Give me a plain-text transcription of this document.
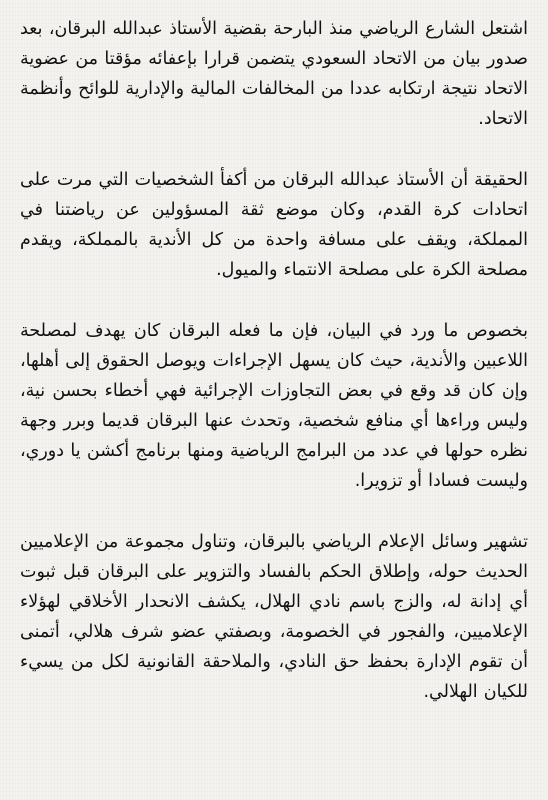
اشتعل الشارع الرياضي منذ البارحة بقضية الأستاذ عبدالله البرقان، بعد صدور بيان من الاتحاد السعودي يتضمن قرارا بإعفائه مؤقتا من عضوية الاتحاد نتيجة ارتكابه عددا من المخالفات المالية والإدارية للوائح وأنظمة الاتحاد.

الحقيقة أن الأستاذ عبدالله البرقان من أكفأ الشخصيات التي مرت على اتحادات كرة القدم، وكان موضع ثقة المسؤولين عن رياضتنا في المملكة، ويقف على مسافة واحدة من كل الأندية بالمملكة، ويقدم مصلحة الكرة على مصلحة الانتماء والميول.

بخصوص ما ورد في البيان، فإن ما فعله البرقان كان يهدف لمصلحة اللاعبين والأندية، حيث كان يسهل الإجراءات ويوصل الحقوق إلى أهلها، وإن كان قد وقع في بعض التجاوزات الإجرائية فهي أخطاء بحسن نية، وليس وراءها أي منافع شخصية، وتحدث عنها البرقان قديما وبرر وجهة نظره حولها في عدد من البرامج الرياضية ومنها برنامج أكشن يا دوري، وليست فسادا أو تزويرا.

تشهير وسائل الإعلام الرياضي بالبرقان، وتناول مجموعة من الإعلاميين الحديث حوله، وإطلاق الحكم بالفساد والتزوير على البرقان قبل ثبوت أي إدانة له، والزج باسم نادي الهلال، يكشف الانحدار الأخلاقي لهؤلاء الإعلاميين، والفجور في الخصومة، وبصفتي عضو شرف هلالي، أتمنى أن تقوم الإدارة بحفظ حق النادي، والملاحقة القانونية لكل من يسيء للكيان الهلالي.
